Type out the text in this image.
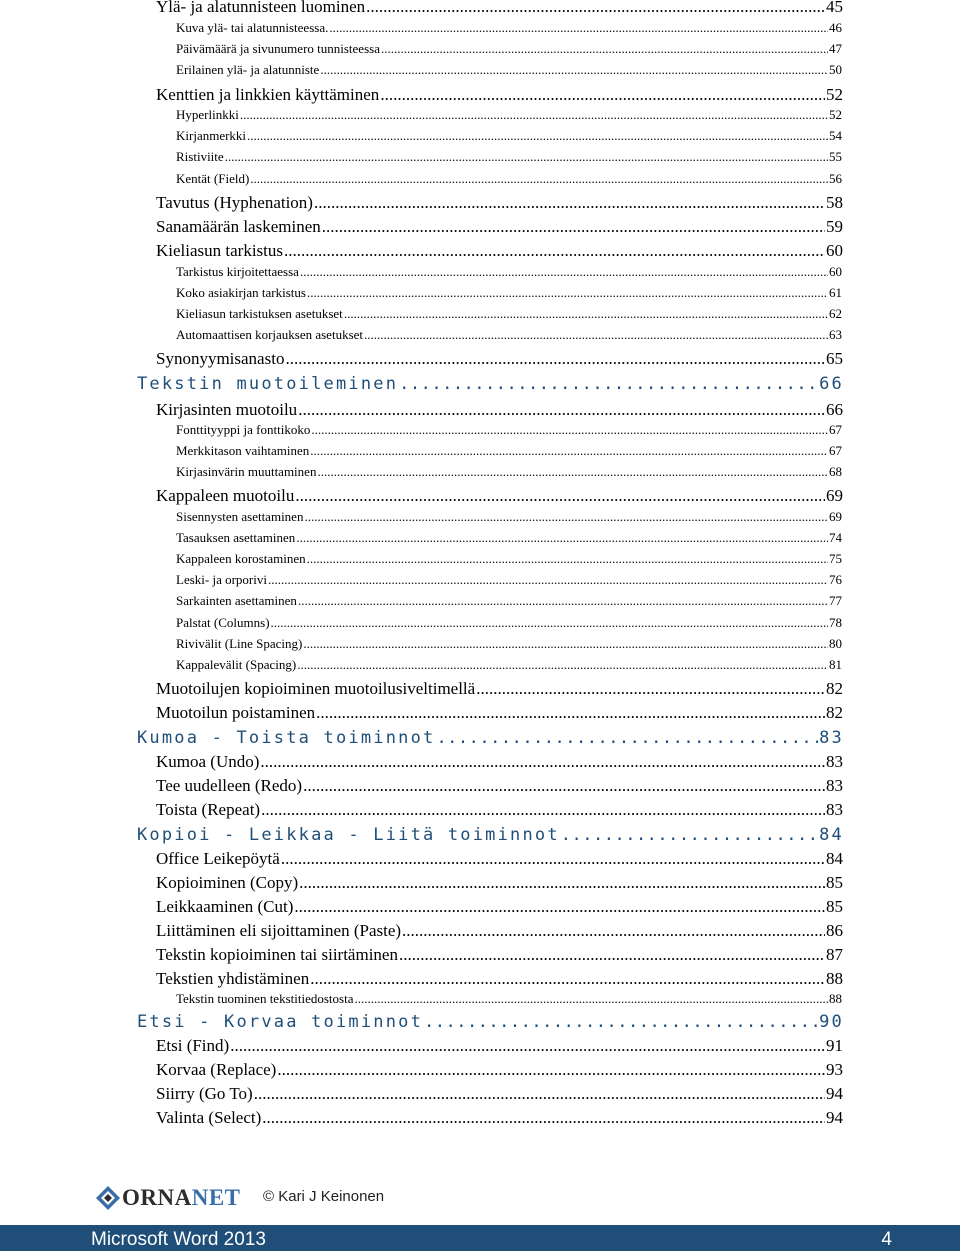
Ylä- ja alatunnisteen luominen .....	45
Kuva ylä- tai alatunnisteessa. .....	46
Päivämäärä ja sivunumero tunnisteessa .....	47
Erilainen ylä- ja alatunniste .....	50
Kenttien ja linkkien käyttäminen .....	52
Hyperlinkki .....	52
Kirjanmerkki .....	54
Ristiviite .....	55
Kentät (Field) .....	56
Tavutus (Hyphenation) .....	58
Sanamäärän laskeminen .....	59
Kieliasun tarkistus .....	60
Tarkistus kirjoitettaessa .....	60
Koko asiakirjan tarkistus .....	61
Kieliasun tarkistuksen asetukset .....	62
Automaattisen korjauksen asetukset .....	63
Synonyymisanasto .....	65
Tekstin muotoileminen .....	66
Kirjasinten muotoilu .....	66
Fonttityyppi ja fonttikoko .....	67
Merkkitason vaihtaminen .....	67
Kirjasinvärin muuttaminen .....	68
Kappaleen muotoilu .....	69
Sisennysten asettaminen .....	69
Tasauksen asettaminen .....	74
Kappaleen korostaminen .....	75
Leski- ja orporivi .....	76
Sarkainten asettaminen .....	77
Palstat (Columns) .....	78
Rivivälit (Line Spacing) .....	80
Kappalevälit (Spacing) .....	81
Muotoilujen kopioiminen muotoilusiveltimellä .....	82
Muotoilun poistaminen .....	82
Kumoa - Toista toiminnot .....	83
Kumoa (Undo) .....	83
Tee uudelleen (Redo) .....	83
Toista (Repeat) .....	83
Kopioi - Leikkaa - Liitä toiminnot .....	84
Office Leikepöytä .....	84
Kopioiminen (Copy) .....	85
Leikkaaminen (Cut) .....	85
Liittäminen eli sijoittaminen (Paste) .....	86
Tekstin kopioiminen tai siirtäminen .....	87
Tekstien yhdistäminen .....	88
Tekstin tuominen tekstitiedostosta .....	88
Etsi - Korvaa toiminnot .....	90
Etsi (Find) .....	91
Korvaa (Replace) .....	93
Siirry (Go To) .....	94
Valinta (Select) .....	94
ORNANET © Kari J Keinonen
Microsoft Word 2013	4
